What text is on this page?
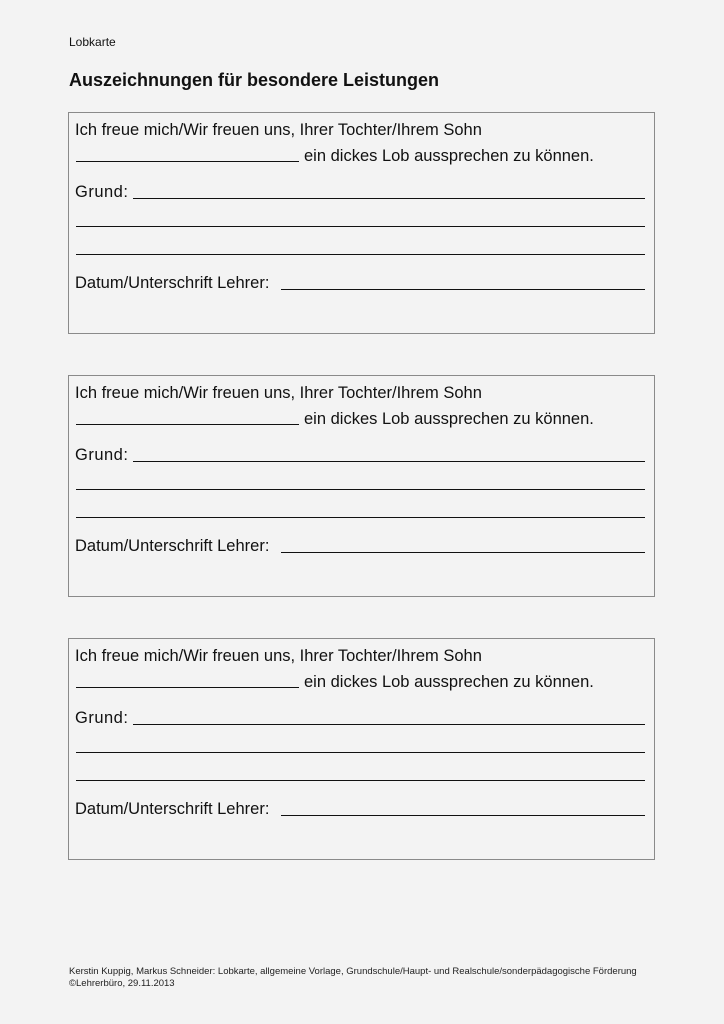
Lobkarte
Auszeichnungen für besondere Leistungen
Ich freue mich/Wir freuen uns, Ihrer Tochter/Ihrem Sohn
ein dickes Lob aussprechen zu können.
Grund:
Datum/Unterschrift Lehrer:
Ich freue mich/Wir freuen uns, Ihrer Tochter/Ihrem Sohn
ein dickes Lob aussprechen zu können.
Grund:
Datum/Unterschrift Lehrer:
Ich freue mich/Wir freuen uns, Ihrer Tochter/Ihrem Sohn
ein dickes Lob aussprechen zu können.
Grund:
Datum/Unterschrift Lehrer:
Kerstin Kuppig, Markus Schneider: Lobkarte, allgemeine Vorlage, Grundschule/Haupt- und Realschule/sonderpädagogische Förderung
©Lehrerbüro, 29.11.2013
